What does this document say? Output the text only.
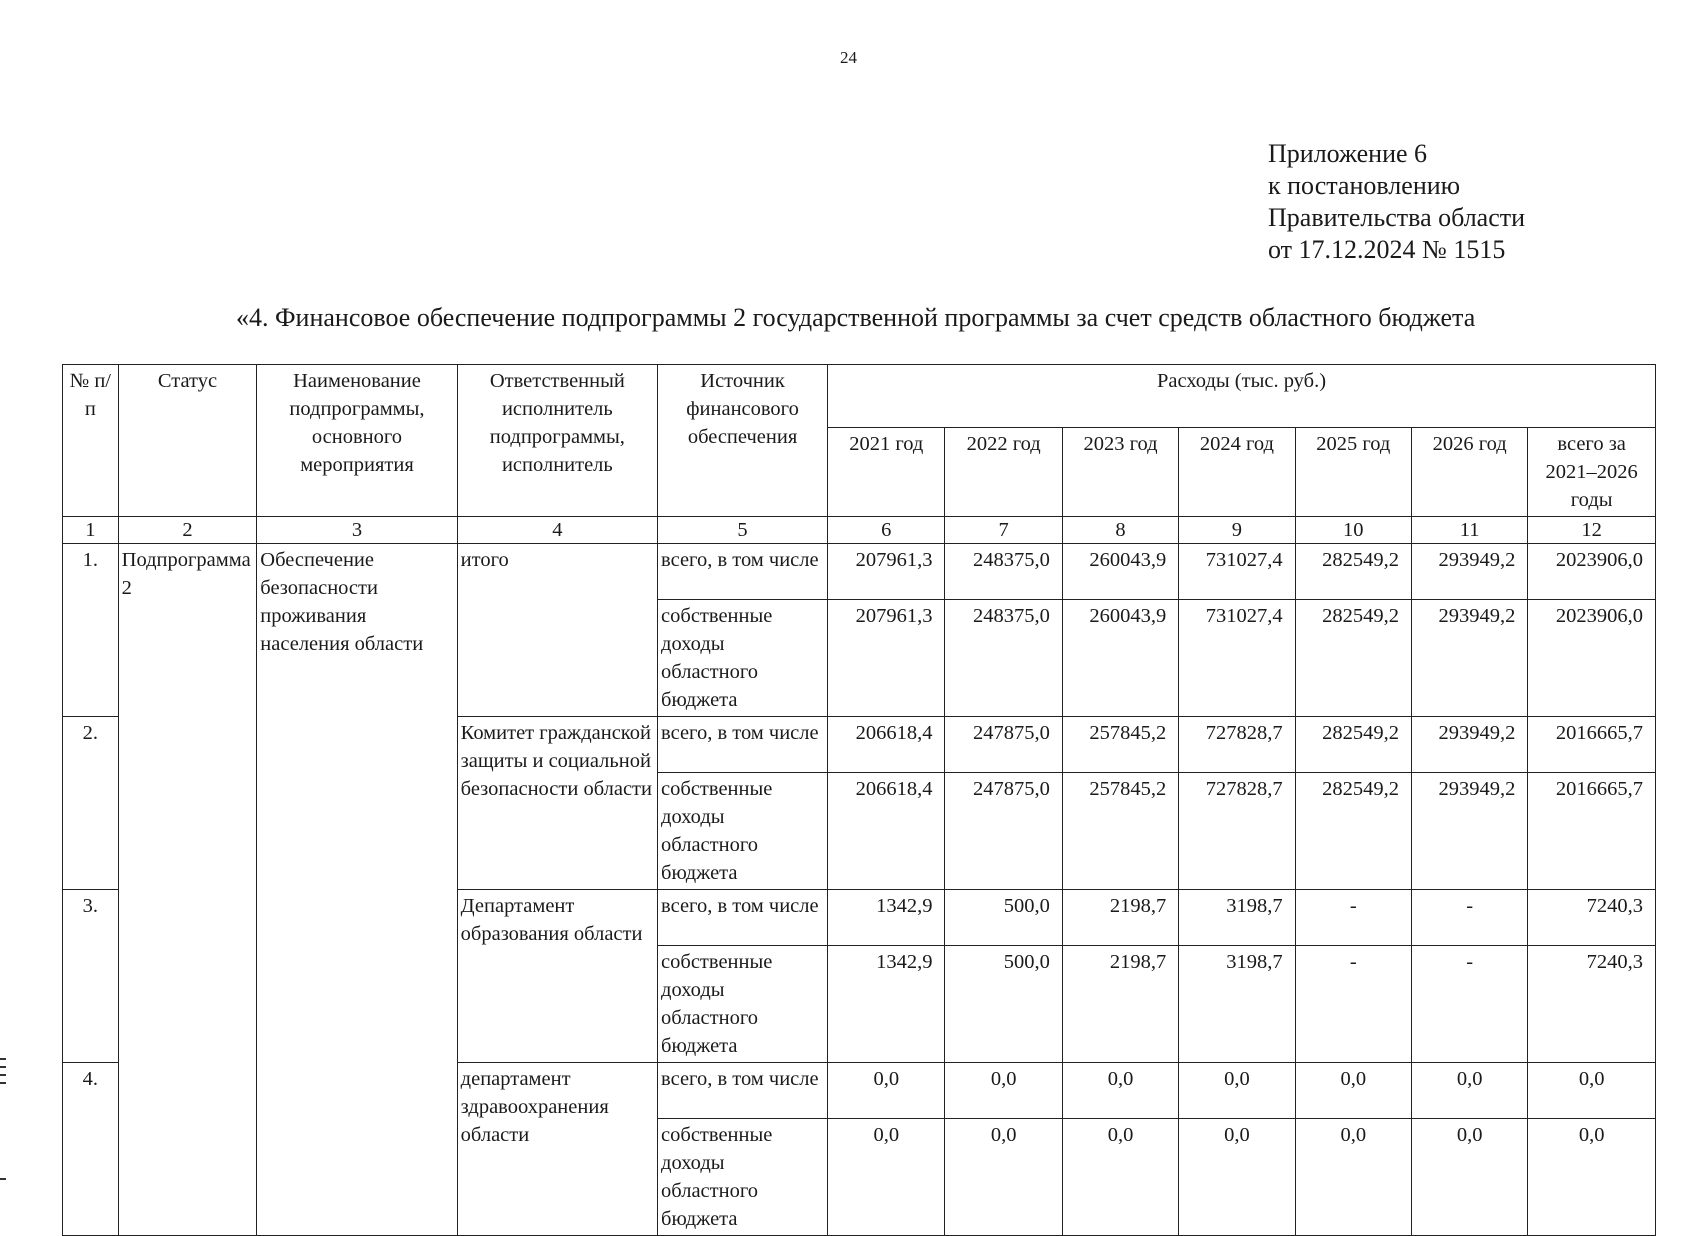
24
Приложение 6
к постановлению
Правительства области
от 17.12.2024 № 1515
«4. Финансовое обеспечение подпрограммы 2 государственной программы за счет средств областного бюджета
№ п/п	Статус	Наименование подпрограммы, основного мероприятия	Ответственный исполнитель подпрограммы, исполнитель	Источник финансового обеспечения	Расходы (тыс. руб.)						
					2021 год	2022 год	2023 год	2024 год	2025 год	2026 год	всего за 2021–2026 годы
1	2	3	4	5	6	7	8	9	10	11	12
1.	Подпрограмма 2	Обеспечение безопасности проживания населения области	итого	всего, в том числе	207961,3	248375,0	260043,9	731027,4	282549,2	293949,2	2023906,0
				собственные доходы областного бюджета	207961,3	248375,0	260043,9	731027,4	282549,2	293949,2	2023906,0
2.			Комитет гражданской защиты и социальной безопасности области	всего, в том числе	206618,4	247875,0	257845,2	727828,7	282549,2	293949,2	2016665,7
				собственные доходы областного бюджета	206618,4	247875,0	257845,2	727828,7	282549,2	293949,2	2016665,7
3.			Департамент образования области	всего, в том числе	1342,9	500,0	2198,7	3198,7	-	-	7240,3
				собственные доходы областного бюджета	1342,9	500,0	2198,7	3198,7	-	-	7240,3
4.			департамент здравоохранения области	всего, в том числе	0,0	0,0	0,0	0,0	0,0	0,0	0,0
				собственные доходы областного бюджета	0,0	0,0	0,0	0,0	0,0	0,0	0,0
